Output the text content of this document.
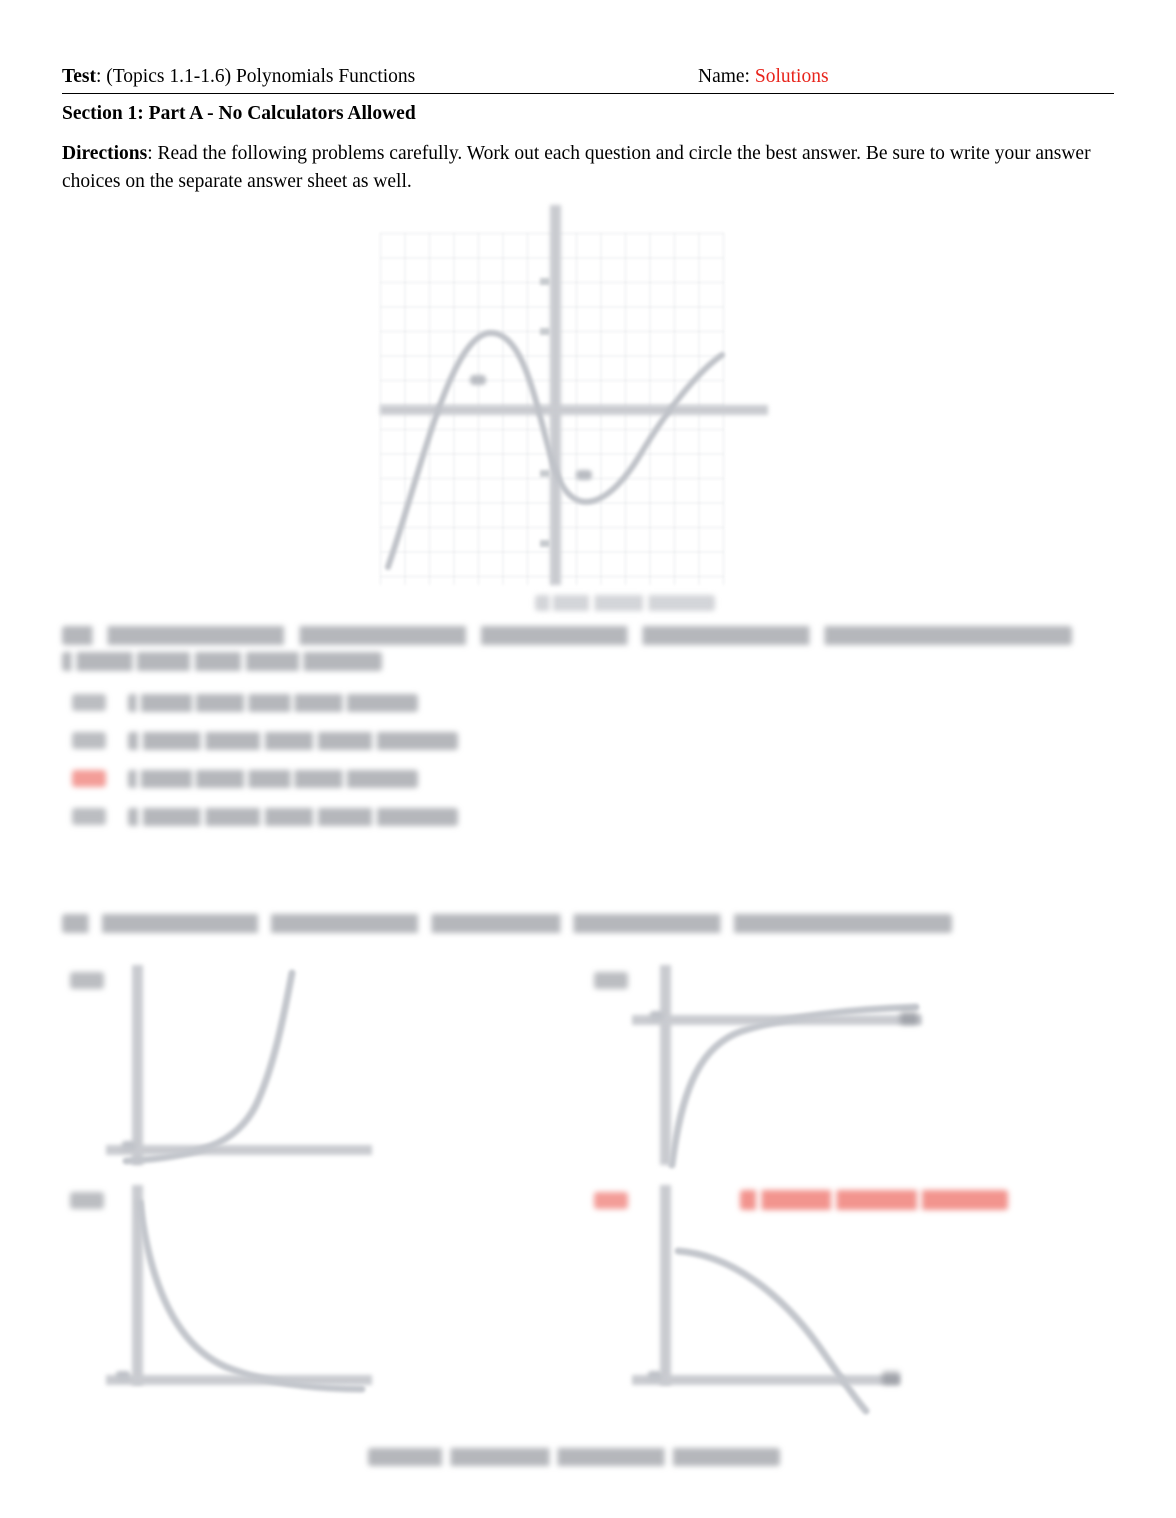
Test: (Topics 1.1-1.6) Polynomials Functions	Name: Solutions
Section 1: Part A - No Calculators Allowed
Directions: Read the following problems carefully. Work out each question and circle the best answer. Be sure to write your answer choices on the separate answer sheet as well.
